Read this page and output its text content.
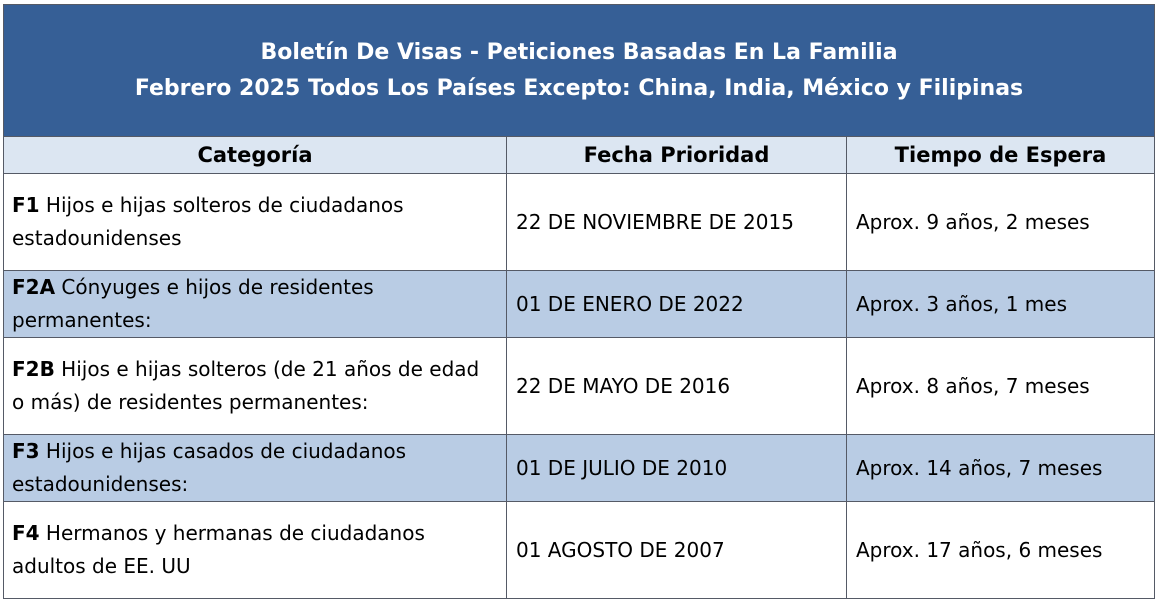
Boletín De Visas - Peticiones Basadas En La Familia
Febrero 2025 Todos Los Países Excepto: China, India, México y Filipinas		

Categoría	Fecha Prioridad	Tiempo de Espera
F1 Hijos e hijas solteros de ciudadanos estadounidenses	22 DE NOVIEMBRE DE 2015	Aprox. 9 años, 2 meses
F2A Cónyuges e hijos de residentes permanentes:	01 DE ENERO DE 2022	Aprox. 3 años, 1 mes
F2B Hijos e hijas solteros (de 21 años de edad o más) de residentes permanentes:	22 DE MAYO DE 2016	Aprox. 8 años, 7 meses
F3 Hijos e hijas casados de ciudadanos estadounidenses:	01 DE JULIO DE 2010	Aprox. 14 años, 7 meses
F4 Hermanos y hermanas de ciudadanos adultos de EE. UU	01 AGOSTO DE 2007	Aprox. 17 años, 6 meses
